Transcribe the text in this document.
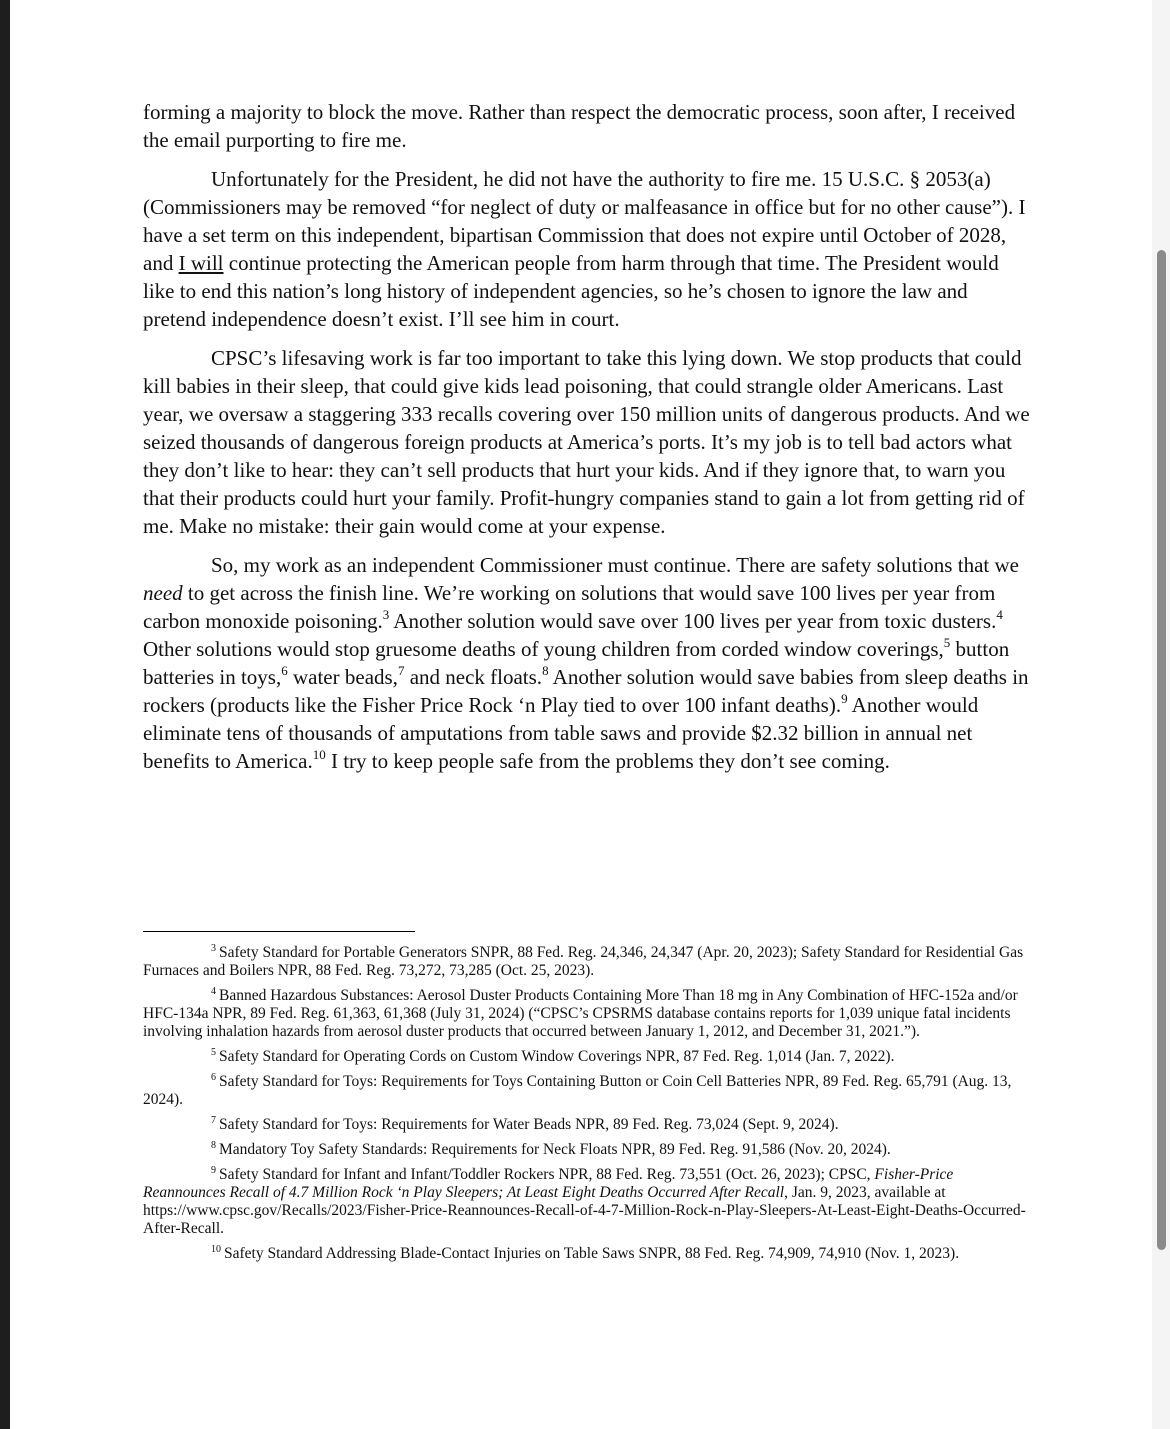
forming a majority to block the move. Rather than respect the democratic process, soon after, I received the email purporting to fire me.

Unfortunately for the President, he did not have the authority to fire me. 15 U.S.C. § 2053(a) (Commissioners may be removed “for neglect of duty or malfeasance in office but for no other cause”). I have a set term on this independent, bipartisan Commission that does not expire until October of 2028, and I will continue protecting the American people from harm through that time. The President would like to end this nation’s long history of independent agencies, so he’s chosen to ignore the law and pretend independence doesn’t exist. I’ll see him in court.

CPSC’s lifesaving work is far too important to take this lying down. We stop products that could kill babies in their sleep, that could give kids lead poisoning, that could strangle older Americans. Last year, we oversaw a staggering 333 recalls covering over 150 million units of dangerous products. And we seized thousands of dangerous foreign products at America’s ports. It’s my job is to tell bad actors what they don’t like to hear: they can’t sell products that hurt your kids. And if they ignore that, to warn you that their products could hurt your family. Profit-hungry companies stand to gain a lot from getting rid of me. Make no mistake: their gain would come at your expense.

So, my work as an independent Commissioner must continue. There are safety solutions that we need to get across the finish line. We’re working on solutions that would save 100 lives per year from carbon monoxide poisoning.$^3$ Another solution would save over 100 lives per year from toxic dusters.$^4$ Other solutions would stop gruesome deaths of young children from corded window coverings,$^5$ button batteries in toys,$^6$ water beads,$^7$ and neck floats.$^8$ Another solution would save babies from sleep deaths in rockers (products like the Fisher Price Rock ‘n Play tied to over 100 infant deaths).$^9$ Another would eliminate tens of thousands of amputations from table saws and provide $2.32 billion in annual net benefits to America.$^{10}$ I try to keep people safe from the problems they don’t see coming.

$^3$ Safety Standard for Portable Generators SNPR, 88 Fed. Reg. 24,346, 24,347 (Apr. 20, 2023); Safety Standard for Residential Gas Furnaces and Boilers NPR, 88 Fed. Reg. 73,272, 73,285 (Oct. 25, 2023).

$^4$ Banned Hazardous Substances: Aerosol Duster Products Containing More Than 18 mg in Any Combination of HFC-152a and/or HFC-134a NPR, 89 Fed. Reg. 61,363, 61,368 (July 31, 2024) (“CPSC’s CPSRMS database contains reports for 1,039 unique fatal incidents involving inhalation hazards from aerosol duster products that occurred between January 1, 2012, and December 31, 2021.”).

$^5$ Safety Standard for Operating Cords on Custom Window Coverings NPR, 87 Fed. Reg. 1,014 (Jan. 7, 2022).

$^6$ Safety Standard for Toys: Requirements for Toys Containing Button or Coin Cell Batteries NPR, 89 Fed. Reg. 65,791 (Aug. 13, 2024).

$^7$ Safety Standard for Toys: Requirements for Water Beads NPR, 89 Fed. Reg. 73,024 (Sept. 9, 2024).

$^8$ Mandatory Toy Safety Standards: Requirements for Neck Floats NPR, 89 Fed. Reg. 91,586 (Nov. 20, 2024).

$^9$ Safety Standard for Infant and Infant/Toddler Rockers NPR, 88 Fed. Reg. 73,551 (Oct. 26, 2023); CPSC, Fisher-Price Reannounces Recall of 4.7 Million Rock ‘n Play Sleepers; At Least Eight Deaths Occurred After Recall, Jan. 9, 2023, available at https://www.cpsc.gov/Recalls/2023/Fisher-Price-Reannounces-Recall-of-4-7-Million-Rock-n-Play-Sleepers-At-Least-Eight-Deaths-Occurred-After-Recall.

$^{10}$ Safety Standard Addressing Blade-Contact Injuries on Table Saws SNPR, 88 Fed. Reg. 74,909, 74,910 (Nov. 1, 2023).
